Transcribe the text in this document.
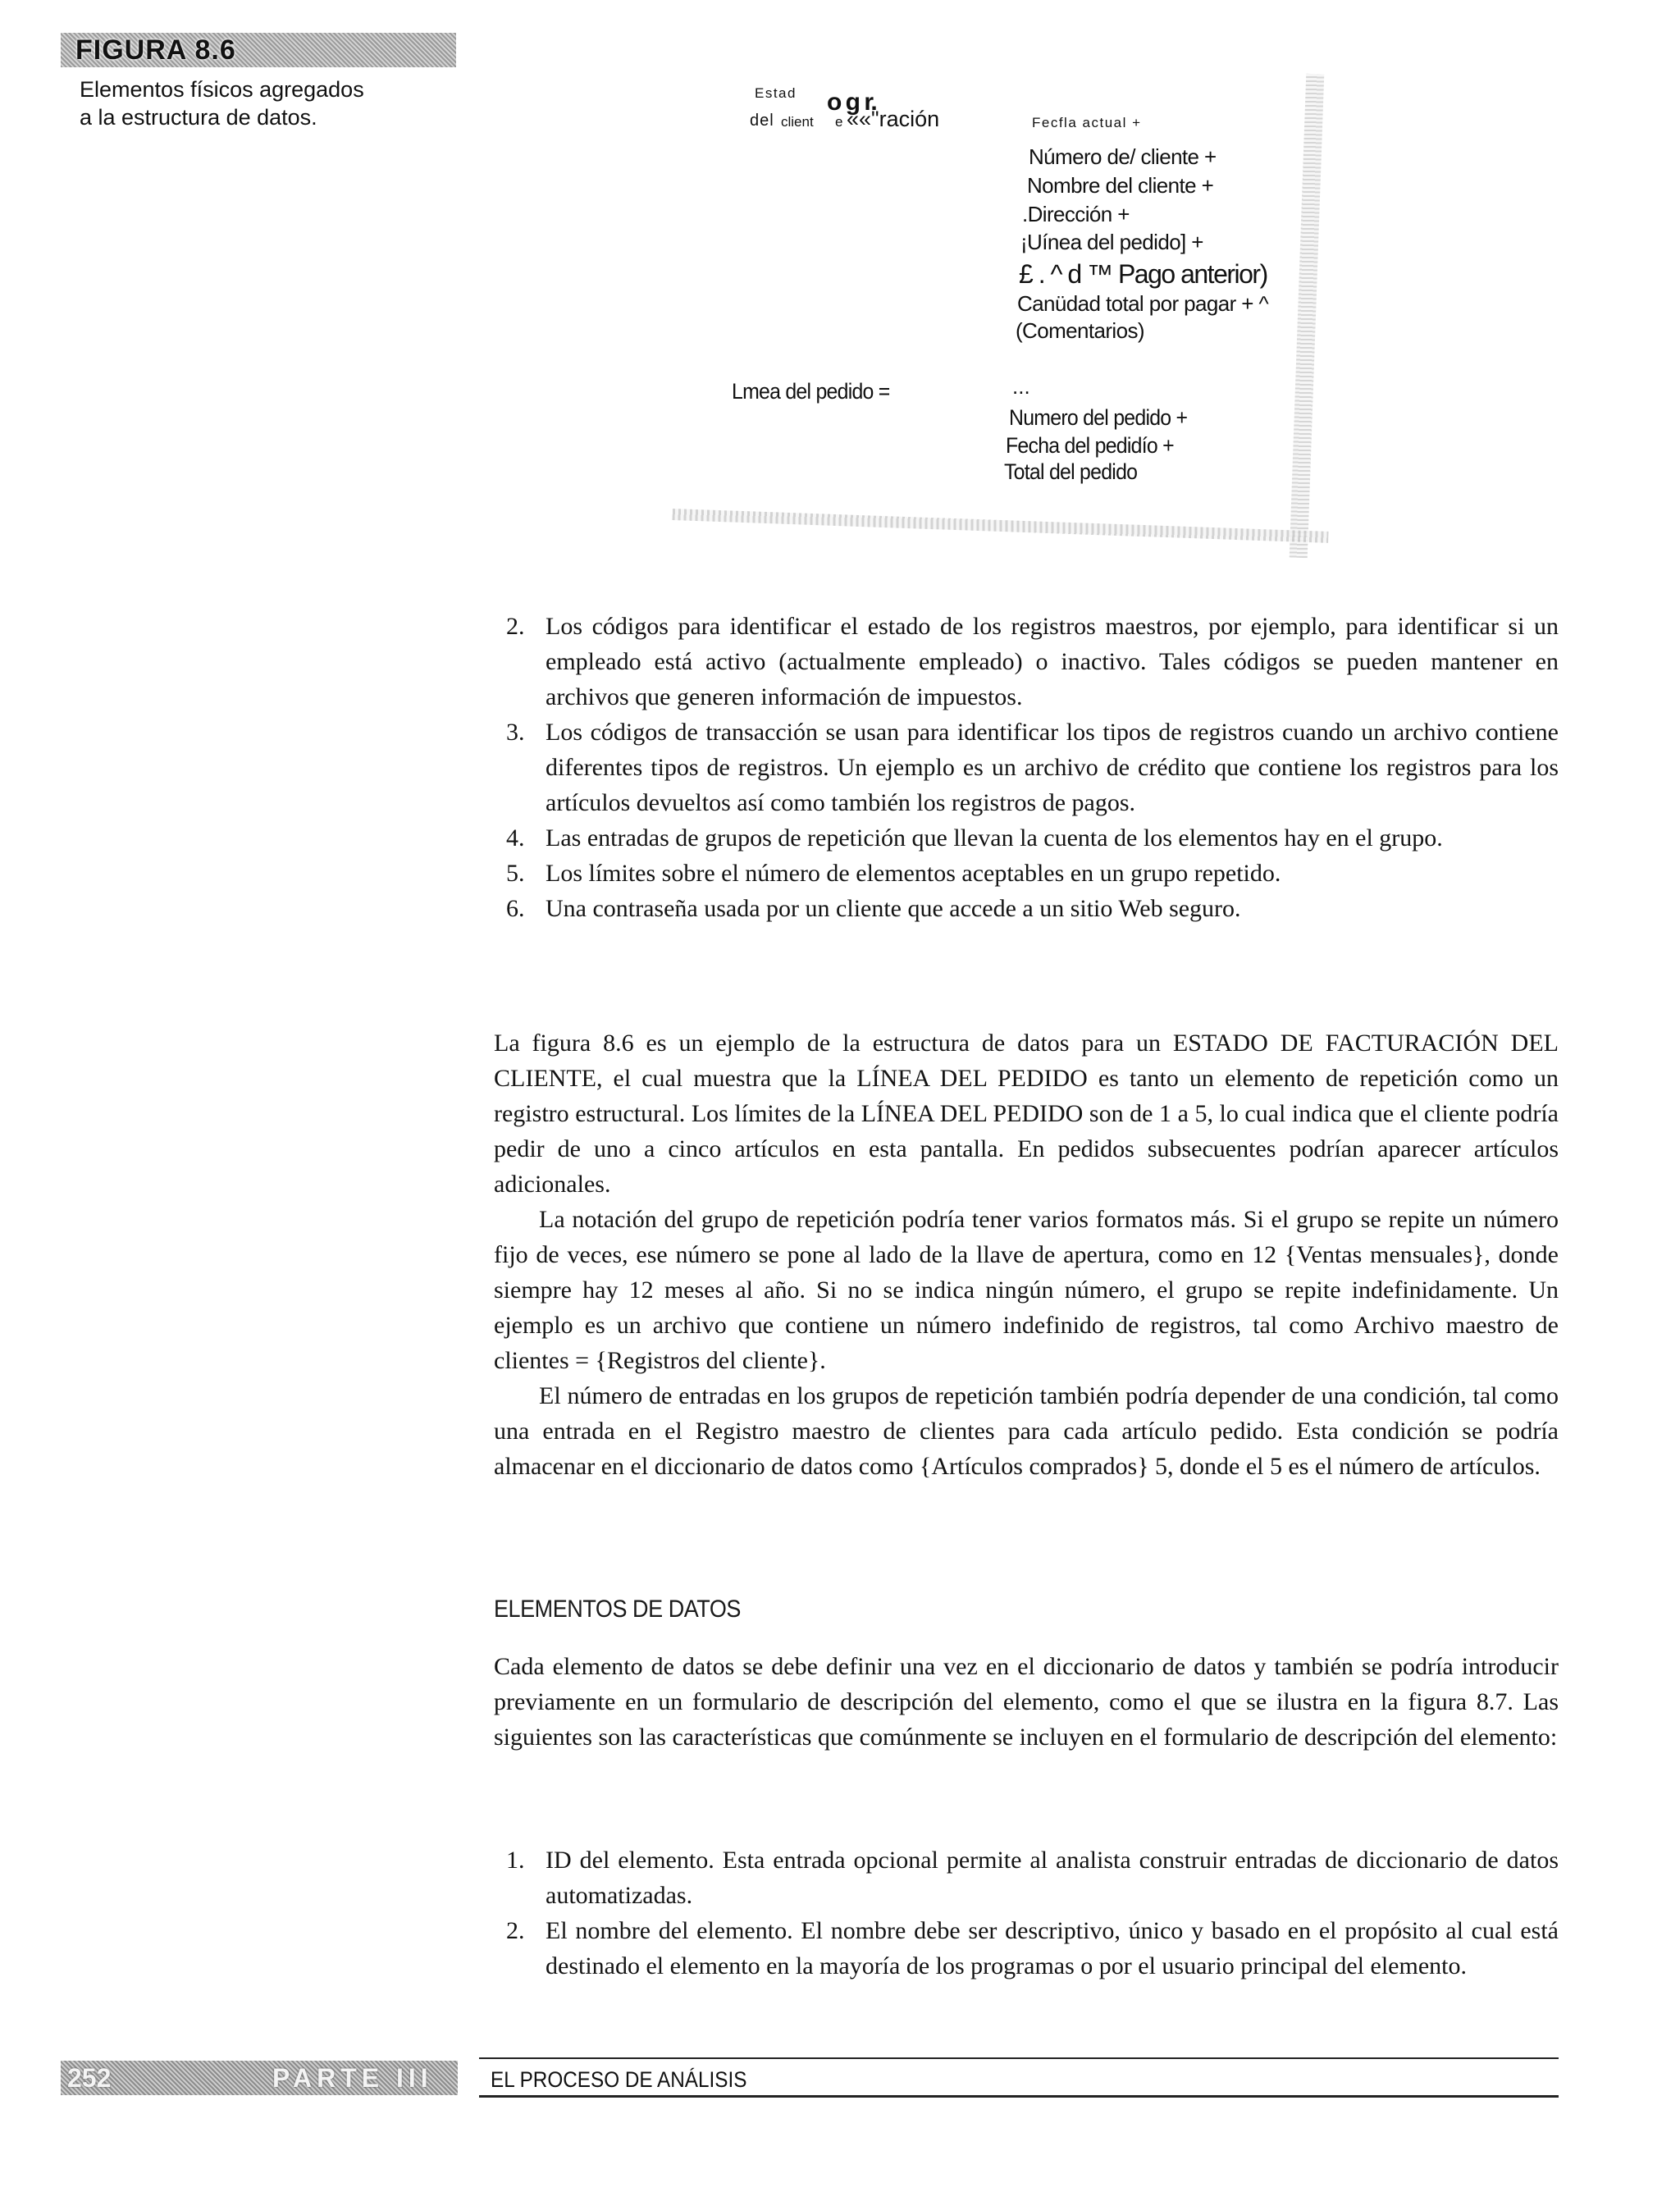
FIGURA 8.6
Elementos físicos agregados
a la estructura de datos.
Estad o g r.
del client e ««"ración	Fecfla actual +
Número de/ cliente +
Nombre del cliente +
.Dirección +
¡Uínea del pedido] +
£ . ^ d ™ Pago anterior)
Canüdad total por pagar + ^
(Comentarios)
Lmea del pedido =	...
Numero del pedido +
Fecha del pedidío +
Total del pedido
2. Los códigos para identificar el estado de los registros maestros, por ejemplo, para identificar si un empleado está activo (actualmente empleado) o inactivo. Tales códigos se pueden mantener en archivos que generen información de impuestos.
3. Los códigos de transacción se usan para identificar los tipos de registros cuando un archivo contiene diferentes tipos de registros. Un ejemplo es un archivo de crédito que contiene los registros para los artículos devueltos así como también los registros de pagos.
4. Las entradas de grupos de repetición que llevan la cuenta de los elementos hay en el grupo.
5. Los límites sobre el número de elementos aceptables en un grupo repetido.
6. Una contraseña usada por un cliente que accede a un sitio Web seguro.

La figura 8.6 es un ejemplo de la estructura de datos para un ESTADO DE FACTURACIÓN DEL CLIENTE, el cual muestra que la LÍNEA DEL PEDIDO es tanto un elemento de repetición como un registro estructural. Los límites de la LÍNEA DEL PEDIDO son de 1 a 5, lo cual indica que el cliente podría pedir de uno a cinco artículos en esta pantalla. En pedidos subsecuentes podrían aparecer artículos adicionales.

La notación del grupo de repetición podría tener varios formatos más. Si el grupo se repite un número fijo de veces, ese número se pone al lado de la llave de apertura, como en 12 {Ventas mensuales}, donde siempre hay 12 meses al año. Si no se indica ningún número, el grupo se repite indefinidamente. Un ejemplo es un archivo que contiene un número indefinido de registros, tal como Archivo maestro de clientes = {Registros del cliente}.

El número de entradas en los grupos de repetición también podría depender de una condición, tal como una entrada en el Registro maestro de clientes para cada artículo pedido. Esta condición se podría almacenar en el diccionario de datos como {Artículos comprados} 5, donde el 5 es el número de artículos.

ELEMENTOS DE DATOS

Cada elemento de datos se debe definir una vez en el diccionario de datos y también se podría introducir previamente en un formulario de descripción del elemento, como el que se ilustra en la figura 8.7. Las siguientes son las características que comúnmente se incluyen en el formulario de descripción del elemento:

1. ID del elemento. Esta entrada opcional permite al analista construir entradas de diccionario de datos automatizadas.
2. El nombre del elemento. El nombre debe ser descriptivo, único y basado en el propósito al cual está destinado el elemento en la mayoría de los programas o por el usuario principal del elemento.
252	PARTE III	EL PROCESO DE ANÁLISIS
